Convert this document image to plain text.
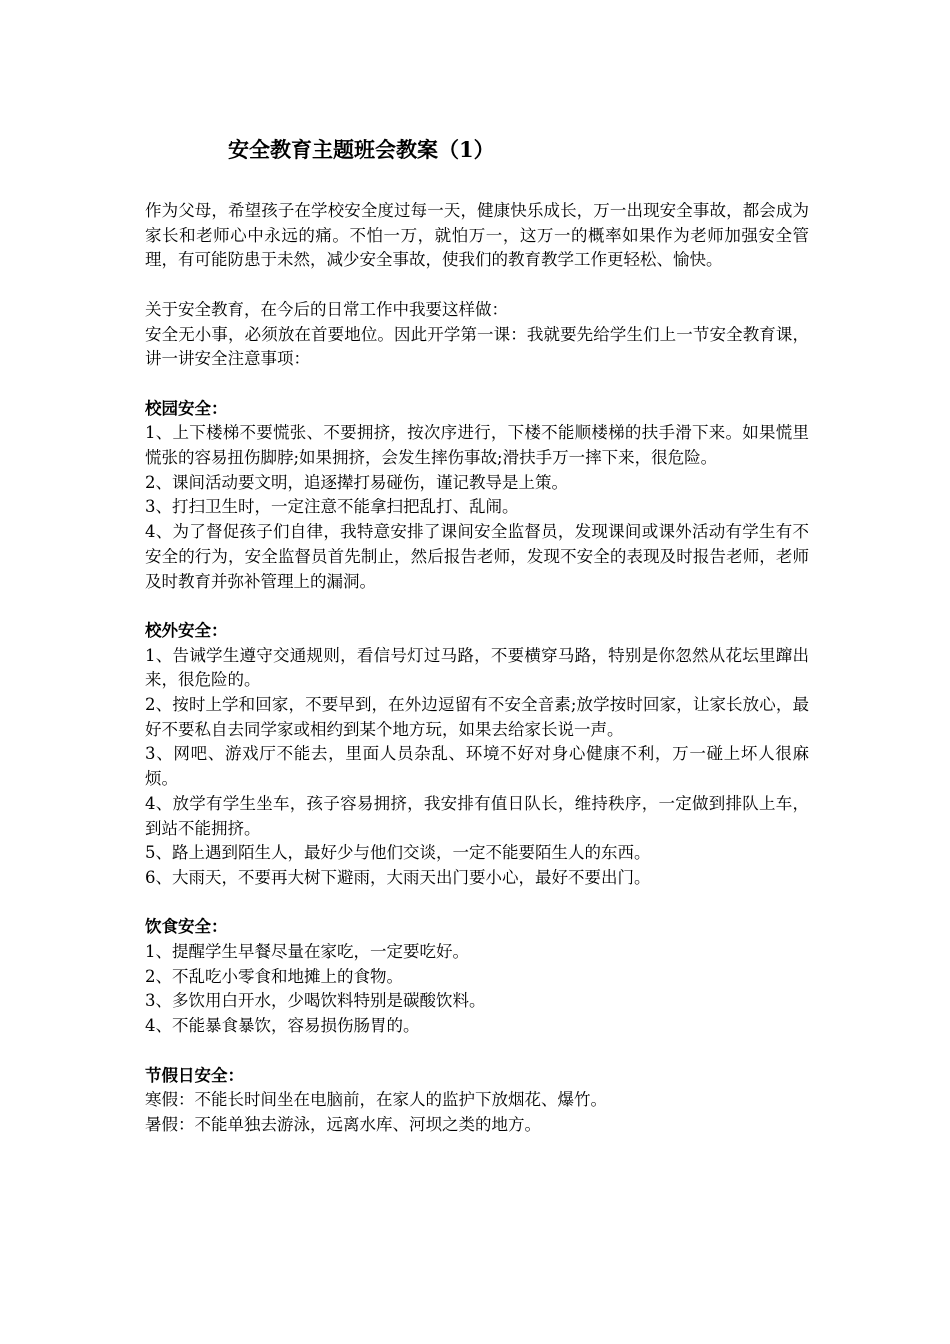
安全教育主题班会教案（1）

作为父母，希望孩子在学校安全度过每一天，健康快乐成长，万一出现安全事故，都会成为家长和老师心中永远的痛。不怕一万，就怕万一，这万一的概率如果作为老师加强安全管理，有可能防患于未然，减少安全事故，使我们的教育教学工作更轻松、愉快。

关于安全教育，在今后的日常工作中我要这样做：

安全无小事，必须放在首要地位。因此开学第一课：我就要先给学生们上一节安全教育课，讲一讲安全注意事项：

校园安全：

1、上下楼梯不要慌张、不要拥挤，按次序进行，下楼不能顺楼梯的扶手滑下来。如果慌里慌张的容易扭伤脚脖;如果拥挤，会发生摔伤事故;滑扶手万一摔下来，很危险。

2、课间活动要文明，追逐撵打易碰伤，谨记教导是上策。

3、打扫卫生时，一定注意不能拿扫把乱打、乱闹。

4、为了督促孩子们自律，我特意安排了课间安全监督员，发现课间或课外活动有学生有不安全的行为，安全监督员首先制止，然后报告老师，发现不安全的表现及时报告老师，老师及时教育并弥补管理上的漏洞。

校外安全：

1、告诫学生遵守交通规则，看信号灯过马路，不要横穿马路，特别是你忽然从花坛里蹿出来，很危险的。

2、按时上学和回家，不要早到，在外边逗留有不安全音素;放学按时回家，让家长放心，最好不要私自去同学家或相约到某个地方玩，如果去给家长说一声。

3、网吧、游戏厅不能去，里面人员杂乱、环境不好对身心健康不利，万一碰上坏人很麻烦。

4、放学有学生坐车，孩子容易拥挤，我安排有值日队长，维持秩序，一定做到排队上车，到站不能拥挤。

5、路上遇到陌生人，最好少与他们交谈，一定不能要陌生人的东西。

6、大雨天，不要再大树下避雨，大雨天出门要小心，最好不要出门。

饮食安全：

1、提醒学生早餐尽量在家吃，一定要吃好。

2、不乱吃小零食和地摊上的食物。

3、多饮用白开水，少喝饮料特别是碳酸饮料。

4、不能暴食暴饮，容易损伤肠胃的。

节假日安全：

寒假：不能长时间坐在电脑前，在家人的监护下放烟花、爆竹。

暑假：不能单独去游泳，远离水库、河坝之类的地方。
